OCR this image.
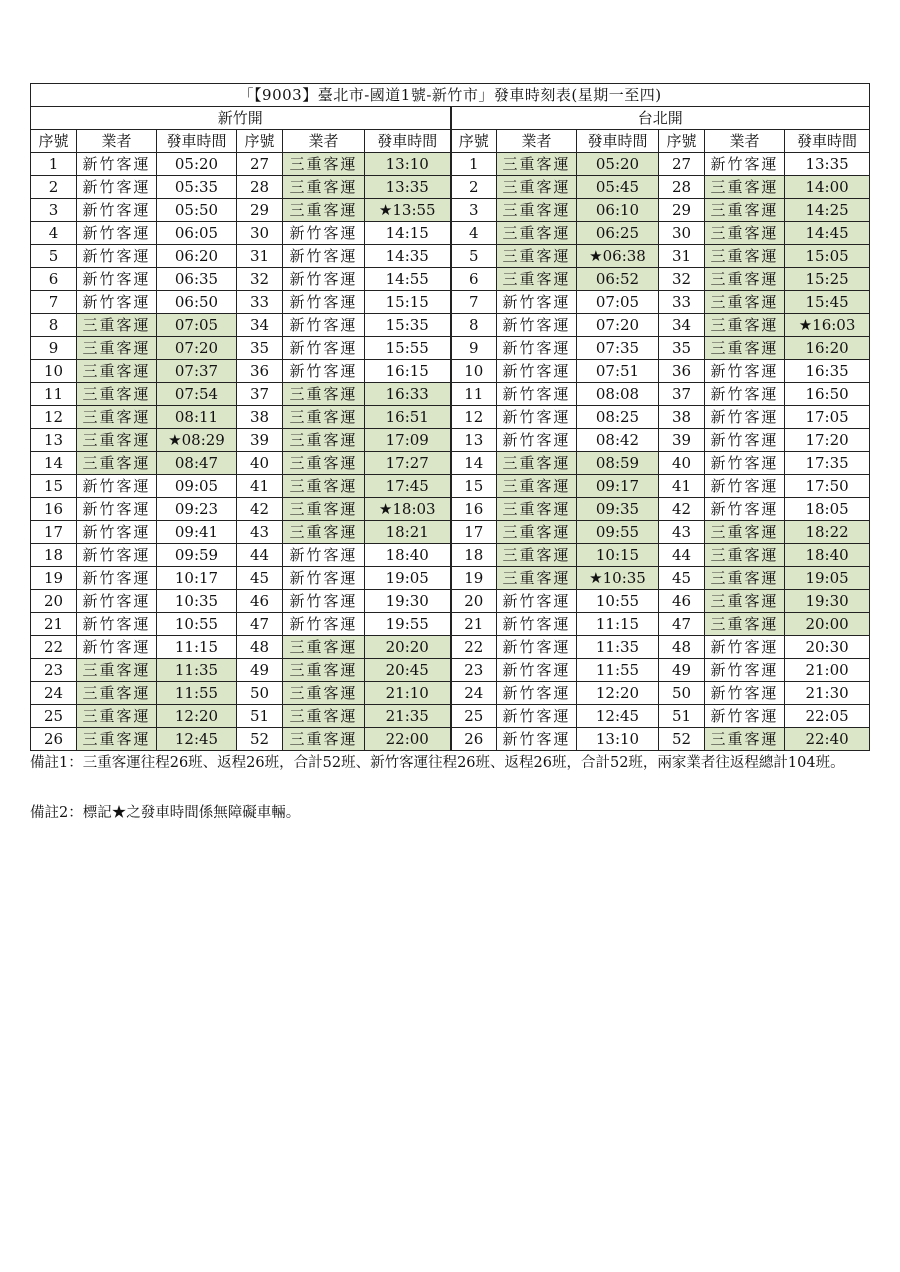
「【9003】臺北市-國道1號-新竹市」發車時刻表(星期一至四)											
新竹開						台北開					
序號	業者	發車時間	序號	業者	發車時間	序號	業者	發車時間	序號	業者	發車時間
1	新竹客運	05:20	27	三重客運	13:10	1	三重客運	05:20	27	新竹客運	13:35
2	新竹客運	05:35	28	三重客運	13:35	2	三重客運	05:45	28	三重客運	14:00
3	新竹客運	05:50	29	三重客運	★13:55	3	三重客運	06:10	29	三重客運	14:25
4	新竹客運	06:05	30	新竹客運	14:15	4	三重客運	06:25	30	三重客運	14:45
5	新竹客運	06:20	31	新竹客運	14:35	5	三重客運	★06:38	31	三重客運	15:05
6	新竹客運	06:35	32	新竹客運	14:55	6	三重客運	06:52	32	三重客運	15:25
7	新竹客運	06:50	33	新竹客運	15:15	7	新竹客運	07:05	33	三重客運	15:45
8	三重客運	07:05	34	新竹客運	15:35	8	新竹客運	07:20	34	三重客運	★16:03
9	三重客運	07:20	35	新竹客運	15:55	9	新竹客運	07:35	35	三重客運	16:20
10	三重客運	07:37	36	新竹客運	16:15	10	新竹客運	07:51	36	新竹客運	16:35
11	三重客運	07:54	37	三重客運	16:33	11	新竹客運	08:08	37	新竹客運	16:50
12	三重客運	08:11	38	三重客運	16:51	12	新竹客運	08:25	38	新竹客運	17:05
13	三重客運	★08:29	39	三重客運	17:09	13	新竹客運	08:42	39	新竹客運	17:20
14	三重客運	08:47	40	三重客運	17:27	14	三重客運	08:59	40	新竹客運	17:35
15	新竹客運	09:05	41	三重客運	17:45	15	三重客運	09:17	41	新竹客運	17:50
16	新竹客運	09:23	42	三重客運	★18:03	16	三重客運	09:35	42	新竹客運	18:05
17	新竹客運	09:41	43	三重客運	18:21	17	三重客運	09:55	43	三重客運	18:22
18	新竹客運	09:59	44	新竹客運	18:40	18	三重客運	10:15	44	三重客運	18:40
19	新竹客運	10:17	45	新竹客運	19:05	19	三重客運	★10:35	45	三重客運	19:05
20	新竹客運	10:35	46	新竹客運	19:30	20	新竹客運	10:55	46	三重客運	19:30
21	新竹客運	10:55	47	新竹客運	19:55	21	新竹客運	11:15	47	三重客運	20:00
22	新竹客運	11:15	48	三重客運	20:20	22	新竹客運	11:35	48	新竹客運	20:30
23	三重客運	11:35	49	三重客運	20:45	23	新竹客運	11:55	49	新竹客運	21:00
24	三重客運	11:55	50	三重客運	21:10	24	新竹客運	12:20	50	新竹客運	21:30
25	三重客運	12:20	51	三重客運	21:35	25	新竹客運	12:45	51	新竹客運	22:05
26	三重客運	12:45	52	三重客運	22:00	26	新竹客運	13:10	52	三重客運	22:40
備註1：三重客運往程26班、返程26班，合計52班、新竹客運往程26班、返程26班，合計52班，兩家業者往返程總計104班。
備註2：標記★之發車時間係無障礙車輛。
